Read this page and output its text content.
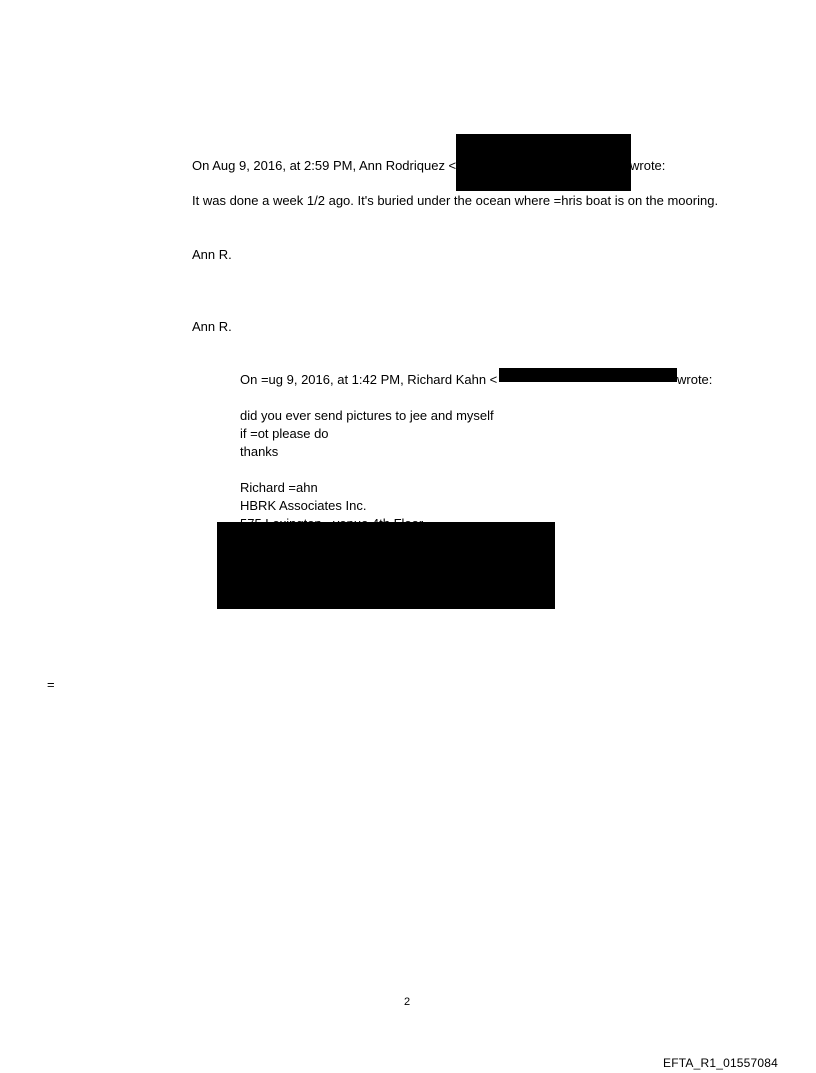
On Aug 9, 2016, at 2:59 PM, Ann Rodriquez <	wrote:
It was done a week 1/2 ago. It's buried under the ocean where =hris boat is on the mooring.
Ann R.
Ann R.
On =ug 9, 2016, at 1:42 PM, Richard Kahn <	wrote:
did you ever send pictures to jee and myself
if =ot please do
thanks
Richard =ahn
HBRK Associates Inc.
=
2
EFTA_R1_01557084
